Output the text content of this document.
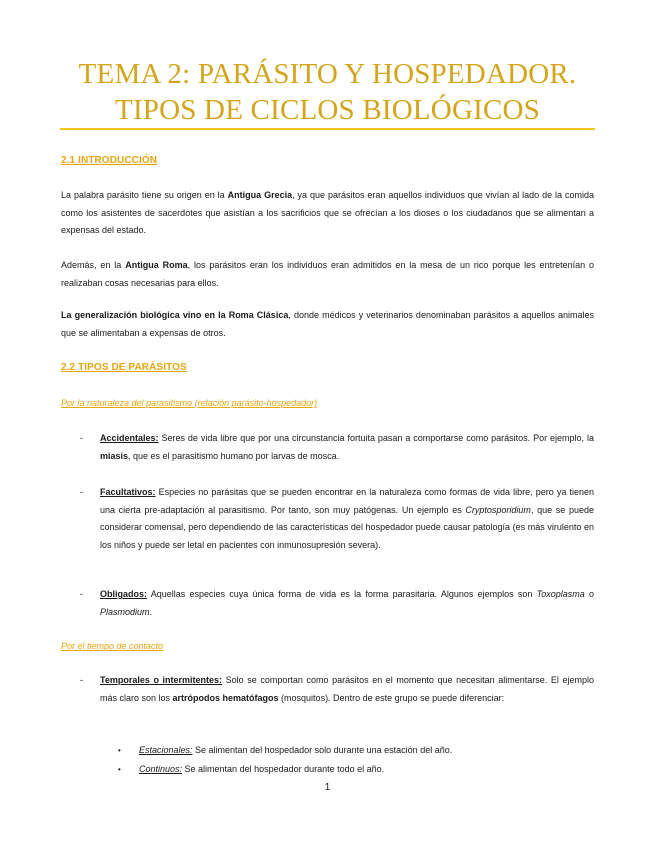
TEMA 2: PARÁSITO Y HOSPEDADOR.
TIPOS DE CICLOS BIOLÓGICOS
2.1 INTRODUCCIÓN
La palabra parásito tiene su origen en la Antigua Grecia, ya que parásitos eran aquellos individuos que vivían al lado de la comida como los asistentes de sacerdotes que asistían a los sacrificios que se ofrecían a los dioses o los ciudadanos que se alimentan a expensas del estado.
Además, en la Antigua Roma, los parásitos eran los individuos eran admitidos en la mesa de un rico porque les entretenían o realizaban cosas necesarias para ellos.
La generalización biológica vino en la Roma Clásica, donde médicos y veterinarios denominaban parásitos a aquellos animales que se alimentaban a expensas de otros.
2.2 TIPOS DE PARÁSITOS
Por la naturaleza del parasitismo (relación parásito-hospedador)
- Accidentales: Seres de vida libre que por una circunstancia fortuita pasan a comportarse como parásitos. Por ejemplo, la miasis, que es el parasitismo humano por larvas de mosca.
- Facultativos: Especies no parásitas que se pueden encontrar en la naturaleza como formas de vida libre, pero ya tienen una cierta pre-adaptación al parasitismo. Por tanto, son muy patógenas. Un ejemplo es Cryptosporidium, que se puede considerar comensal, pero dependiendo de las características del hospedador puede causar patología (es más virulento en los niños y puede ser letal en pacientes con inmunosupresión severa).
- Obligados: Aquellas especies cuya única forma de vida es la forma parasitaria. Algunos ejemplos son Toxoplasma o Plasmodium.
Por el tiempo de contacto
- Temporales o intermitentes: Solo se comportan como parásitos en el momento que necesitan alimentarse. El ejemplo más claro son los artrópodos hematófagos (mosquitos). Dentro de este grupo se puede diferenciar:
• Estacionales: Se alimentan del hospedador solo durante una estación del año.
• Continuos: Se alimentan del hospedador durante todo el año.
1
